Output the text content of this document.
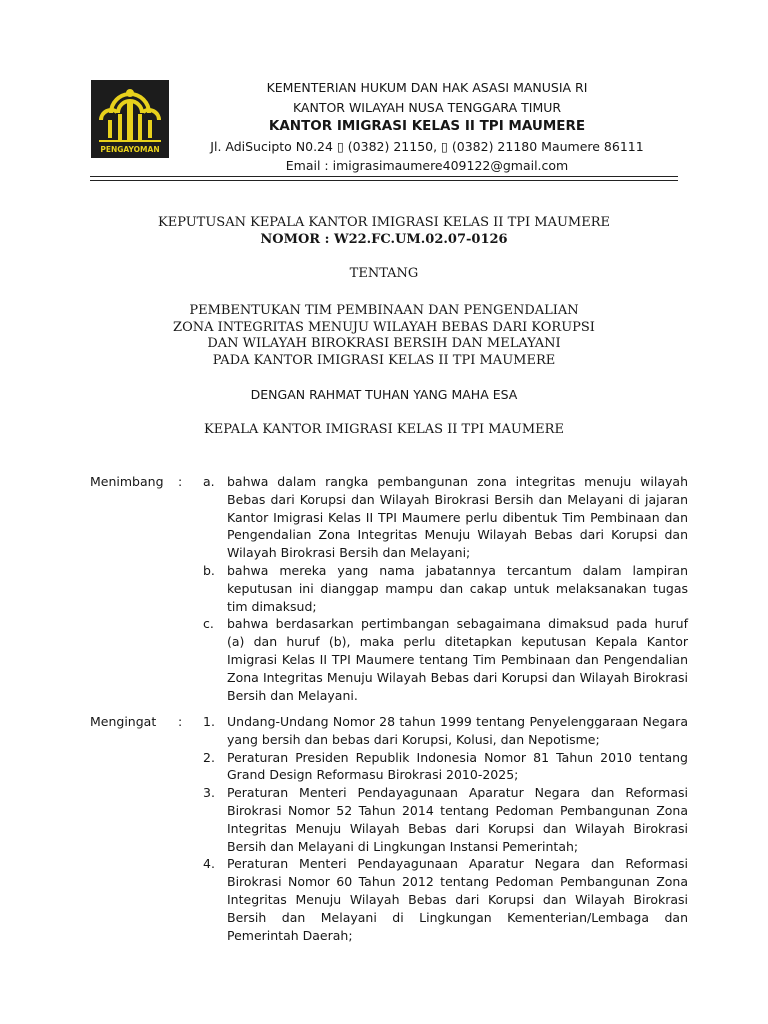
PENGAYOMAN
KEMENTERIAN HUKUM DAN HAK ASASI MANUSIA RI
KANTOR WILAYAH NUSA TENGGARA TIMUR
KANTOR IMIGRASI KELAS II TPI MAUMERE
Jl. AdiSucipto N0.24 ▯ (0382) 21150, ▯ (0382) 21180 Maumere 86111
Email : imigrasimaumere409122@gmail.com
KEPUTUSAN KEPALA KANTOR IMIGRASI KELAS II TPI MAUMERE
NOMOR : W22.FC.UM.02.07-0126
TENTANG
PEMBENTUKAN TIM PEMBINAAN DAN PENGENDALIAN
ZONA INTEGRITAS MENUJU WILAYAH BEBAS DARI KORUPSI
DAN WILAYAH BIROKRASI BERSIH DAN MELAYANI
PADA KANTOR IMIGRASI KELAS II TPI MAUMERE
DENGAN RAHMAT TUHAN YANG MAHA ESA
KEPALA KANTOR IMIGRASI KELAS II TPI MAUMERE
Menimbang : a. bahwa dalam rangka pembangunan zona integritas menuju wilayah Bebas dari Korupsi dan Wilayah Birokrasi Bersih dan Melayani di jajaran Kantor Imigrasi Kelas II TPI Maumere perlu dibentuk Tim Pembinaan dan Pengendalian Zona Integritas Menuju Wilayah Bebas dari Korupsi dan Wilayah Birokrasi Bersih dan Melayani;
b. bahwa mereka yang nama jabatannya tercantum dalam lampiran keputusan ini dianggap mampu dan cakap untuk melaksanakan tugas tim dimaksud;
c. bahwa berdasarkan pertimbangan sebagaimana dimaksud pada huruf (a) dan huruf (b), maka perlu ditetapkan keputusan Kepala Kantor Imigrasi Kelas II TPI Maumere tentang Tim Pembinaan dan Pengendalian Zona Integritas Menuju Wilayah Bebas dari Korupsi dan Wilayah Birokrasi Bersih dan Melayani.
Mengingat : 1. Undang-Undang Nomor 28 tahun 1999 tentang Penyelenggaraan Negara yang bersih dan bebas dari Korupsi, Kolusi, dan Nepotisme;
2. Peraturan Presiden Republik Indonesia Nomor 81 Tahun 2010 tentang Grand Design Reformasu Birokrasi 2010-2025;
3. Peraturan Menteri Pendayagunaan Aparatur Negara dan Reformasi Birokrasi Nomor 52 Tahun 2014 tentang Pedoman Pembangunan Zona Integritas Menuju Wilayah Bebas dari Korupsi dan Wilayah Birokrasi Bersih dan Melayani di Lingkungan Instansi Pemerintah;
4. Peraturan Menteri Pendayagunaan Aparatur Negara dan Reformasi Birokrasi Nomor 60 Tahun 2012 tentang Pedoman Pembangunan Zona Integritas Menuju Wilayah Bebas dari Korupsi dan Wilayah Birokrasi Bersih dan Melayani di Lingkungan Kementerian/Lembaga dan Pemerintah Daerah;
